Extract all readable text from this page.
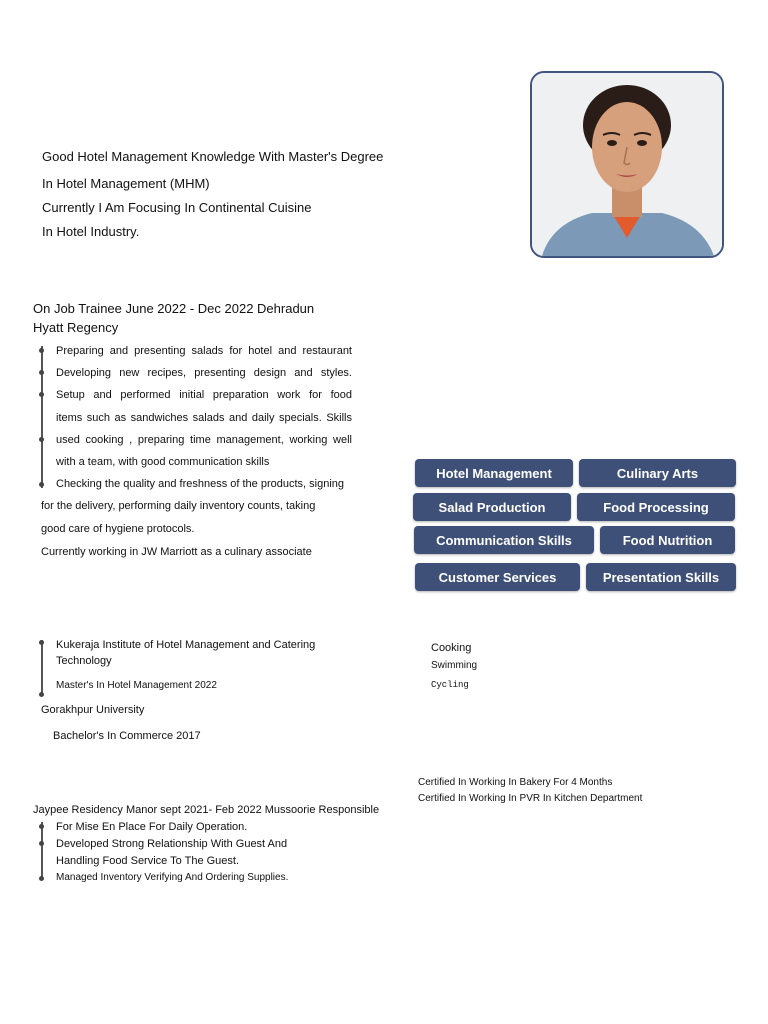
Good Hotel Management Knowledge With Master's Degree

In Hotel Management (MHM)

Currently I Am Focusing In Continental Cuisine

In Hotel Industry.

On Job Trainee June 2022 - Dec 2022 Dehradun
Hyatt Regency
Preparing and presenting salads for hotel and restaurant
Developing new recipes, presenting design and styles.
Setup and performed initial preparation work for food
items such as sandwiches salads and daily specials. Skills
used cooking , preparing time management, working well
with a team, with good communication skills
Checking the quality and freshness of the products, signing
for the delivery, performing daily inventory counts, taking
good care of hygiene protocols.
Currently working in JW Marriott as a culinary associate
Hotel Management	Culinary Arts
Salad Production	Food Processing
Communication Skills	Food Nutrition
Customer Services	Presentation Skills
Kukeraja Institute of Hotel Management and Catering
Technology
Master's In Hotel Management 2022
Gorakhpur University
Bachelor's In Commerce 2017
Cooking
Swimming
Cycling
Certified In Working In Bakery For 4 Months
Certified In Working In PVR In Kitchen Department
Jaypee Residency Manor sept 2021- Feb 2022 Mussoorie Responsible
For Mise En Place For Daily Operation.
Developed Strong Relationship With Guest And
Handling Food Service To The Guest.
Managed Inventory Verifying And Ordering Supplies.
